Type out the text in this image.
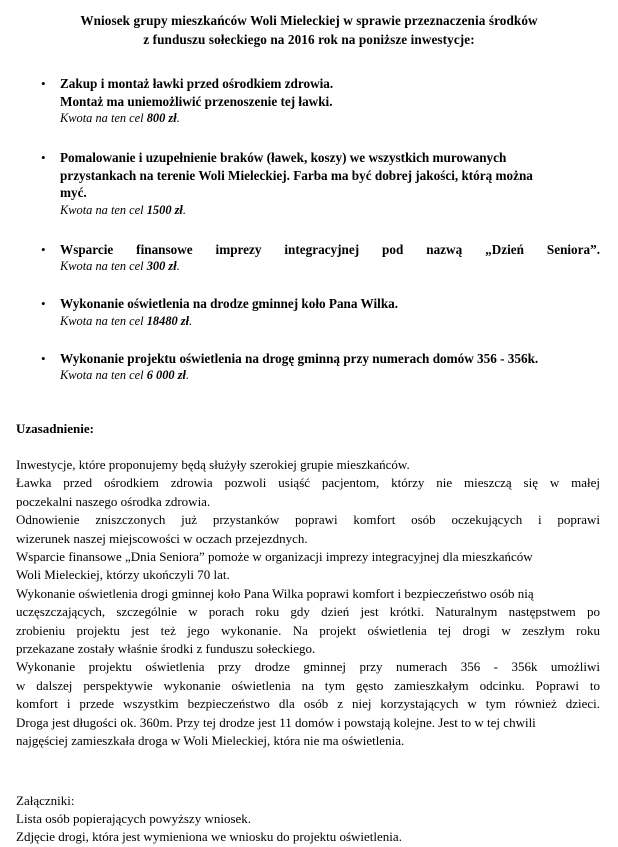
Wniosek grupy mieszkańców Woli Mieleckiej w sprawie przeznaczenia środków
z funduszu sołeckiego na 2016 rok na poniższe inwestycje:
•	Zakup i montaż ławki przed ośrodkiem zdrowia.

Montaż ma uniemożliwić przenoszenie tej ławki.

Kwota na ten cel 800 zł.

•	Pomalowanie i uzupełnienie braków (ławek, koszy) we wszystkich murowanych

przystankach na terenie Woli Mieleckiej. Farba ma być dobrej jakości, którą można

myć.

Kwota na ten cel 1500 zł.

•	Wsparcie finansowe imprezy integracyjnej pod nazwą „Dzień Seniora”.

Kwota na ten cel 300 zł.

•	Wykonanie oświetlenia na drodze gminnej koło Pana Wilka.

Kwota na ten cel 18480 zł.

•	Wykonanie projektu oświetlenia na drogę gminną przy numerach domów 356 - 356k.

Kwota na ten cel 6 000 zł.

Uzasadnienie:

Inwestycje, które proponujemy będą służyły szerokiej grupie mieszkańców.

Ławka przed ośrodkiem zdrowia pozwoli usiąść pacjentom, którzy nie mieszczą się w małej

poczekalni naszego ośrodka zdrowia.

Odnowienie zniszczonych już przystanków poprawi komfort osób oczekujących i poprawi

wizerunek naszej miejscowości w oczach przejezdnych.

Wsparcie finansowe „Dnia Seniora” pomoże w organizacji imprezy integracyjnej dla mieszkańców

Woli Mieleckiej, którzy ukończyli 70 lat.

Wykonanie oświetlenia drogi gminnej koło Pana Wilka poprawi komfort i bezpieczeństwo osób nią

uczęszczających, szczególnie w porach roku gdy dzień jest krótki. Naturalnym następstwem po

zrobieniu projektu jest też jego wykonanie. Na projekt oświetlenia tej drogi w zeszłym roku

przekazane zostały właśnie środki z funduszu sołeckiego.

Wykonanie projektu oświetlenia przy drodze gminnej przy numerach 356 - 356k umożliwi

w dalszej perspektywie wykonanie oświetlenia na tym gęsto zamieszkałym odcinku. Poprawi to

komfort i przede wszystkim bezpieczeństwo dla osób z niej korzystających w tym również dzieci.

Droga jest długości ok. 360m. Przy tej drodze jest 11 domów i powstają kolejne. Jest to w tej chwili

najgęściej zamieszkała droga w Woli Mieleckiej, która nie ma oświetlenia.

Załączniki:

Lista osób popierających powyższy wniosek.

Zdjęcie drogi, która jest wymieniona we wniosku do projektu oświetlenia.
